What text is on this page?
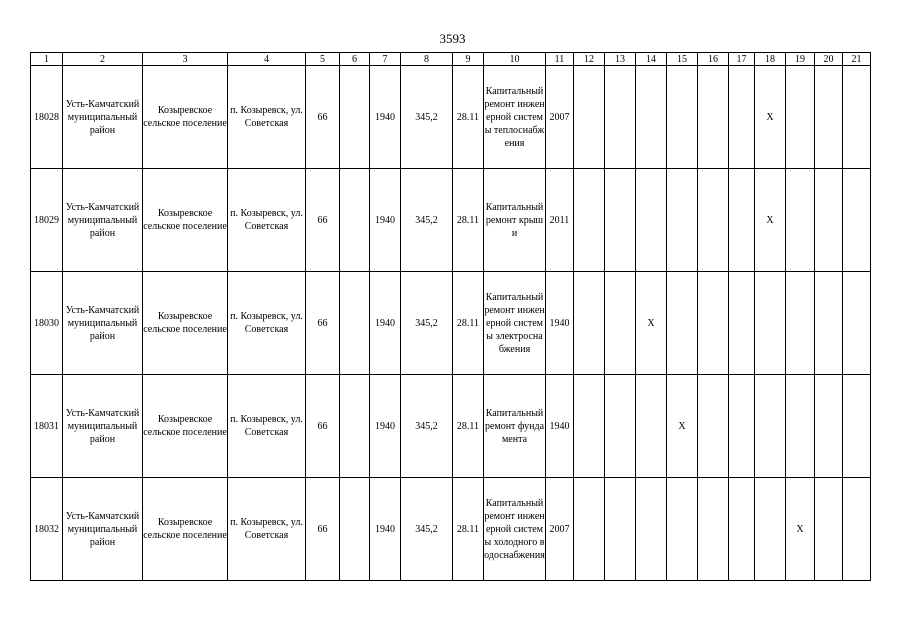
3593
1	2	3	4	5	6	7	8	9	10	11	12	13	14	15	16	17	18	19	20	21
18028	Усть-Камчатский муниципальный район	Козыревское сельское поселение	п. Козыревск, ул. Советская	66		1940	345,2	28.11	Капитальный ремонт инженерной системы теплоснабжения	2007							X			
18029	Усть-Камчатский муниципальный район	Козыревское сельское поселение	п. Козыревск, ул. Советская	66		1940	345,2	28.11	Капитальный ремонт крыши	2011							X			
18030	Усть-Камчатский муниципальный район	Козыревское сельское поселение	п. Козыревск, ул. Советская	66		1940	345,2	28.11	Капитальный ремонт инженерной системы электроснабжения	1940			X							
18031	Усть-Камчатский муниципальный район	Козыревское сельское поселение	п. Козыревск, ул. Советская	66		1940	345,2	28.11	Капитальный ремонт фундамента	1940				X						
18032	Усть-Камчатский муниципальный район	Козыревское сельское поселение	п. Козыревск, ул. Советская	66		1940	345,2	28.11	Капитальный ремонт инженерной системы холодного водоснабжения	2007								X		
